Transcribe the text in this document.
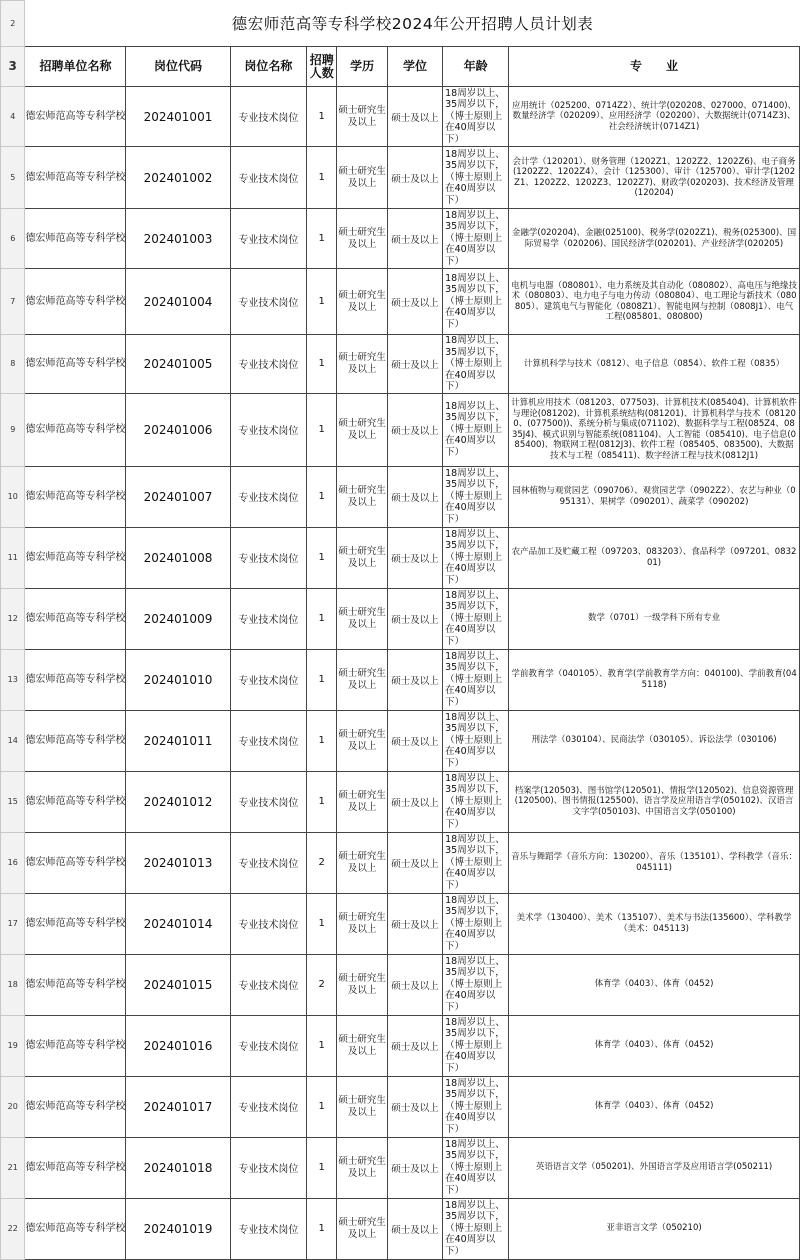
2	德宏师范高等专科学校2024年公开招聘人员计划表							
3	招聘单位名称	岗位代码	岗位名称	招聘人数	学历	学位	年龄	专　　业
4	德宏师范高等专科学校	202401001	专业技术岗位	1	硕士研究生及以上	硕士及以上	18周岁以上、35周岁以下，（博士原则上在40周岁以下）	应用统计（025200、0714Z2）、统计学(020208、027000、071400)、数量经济学（020209）、应用经济学（020200）、大数据统计(0714Z3)、社会经济统计(0714Z1)
5	德宏师范高等专科学校	202401002	专业技术岗位	1	硕士研究生及以上	硕士及以上	18周岁以上、35周岁以下，（博士原则上在40周岁以下）	会计学（120201）、财务管理（1202Z1、1202Z2、1202Z6)、电子商务(1202Z2、1202Z4）、会计（125300）、审计（125700）、审计学(1202Z1、1202Z2、1202Z3、1202Z7)、财政学(020203)、技术经济及管理(120204)
6	德宏师范高等专科学校	202401003	专业技术岗位	1	硕士研究生及以上	硕士及以上	18周岁以上、35周岁以下，（博士原则上在40周岁以下）	金融学(020204)、金融(025100)、税务学(0202Z1)、税务(025300)、国际贸易学（020206)、国民经济学(020201)、产业经济学(020205)
7	德宏师范高等专科学校	202401004	专业技术岗位	1	硕士研究生及以上	硕士及以上	18周岁以上、35周岁以下，（博士原则上在40周岁以下）	电机与电器（080801）、电力系统及其自动化（080802）、高电压与绝缘技术（080803）、电力电子与电力传动（080804）、电工理论与新技术（080805）、建筑电气与智能化（0808Z1）、智能电网与控制（0808J1）、电气工程(085801、080800)
8	德宏师范高等专科学校	202401005	专业技术岗位	1	硕士研究生及以上	硕士及以上	18周岁以上、35周岁以下，（博士原则上在40周岁以下）	计算机科学与技术（0812）、电子信息（0854）、软件工程（0835）
9	德宏师范高等专科学校	202401006	专业技术岗位	1	硕士研究生及以上	硕士及以上	18周岁以上、35周岁以下，（博士原则上在40周岁以下）	计算机应用技术（081203、077503)、计算机技术(085404)、计算机软件与理论(081202)、计算机系统结构(081201)、计算机科学与技术（081200、(077500))、系统分析与集成(071102)、数据科学与工程(085Z4、0835J4)、模式识别与智能系统(081104)、人工智能（085410)、电子信息(085400)、物联网工程(0812J3)、软件工程（085405、083500)、大数据技术与工程（085411)、数字经济工程与技术(0812J1)
10	德宏师范高等专科学校	202401007	专业技术岗位	1	硕士研究生及以上	硕士及以上	18周岁以上、35周岁以下，（博士原则上在40周岁以下）	园林植物与观赏园艺（090706）、观赏园艺学（0902Z2）、农艺与种业（095131）、果树学（090201）、蔬菜学（090202)
11	德宏师范高等专科学校	202401008	专业技术岗位	1	硕士研究生及以上	硕士及以上	18周岁以上、35周岁以下，（博士原则上在40周岁以下）	农产品加工及贮藏工程（097203、083203）、食品科学（097201、083201)
12	德宏师范高等专科学校	202401009	专业技术岗位	1	硕士研究生及以上	硕士及以上	18周岁以上、35周岁以下，（博士原则上在40周岁以下）	数学（0701）一级学科下所有专业
13	德宏师范高等专科学校	202401010	专业技术岗位	1	硕士研究生及以上	硕士及以上	18周岁以上、35周岁以下，（博士原则上在40周岁以下）	学前教育学（040105）、教育学(学前教育学方向：040100)、学前教育(045118)
14	德宏师范高等专科学校	202401011	专业技术岗位	1	硕士研究生及以上	硕士及以上	18周岁以上、35周岁以下，（博士原则上在40周岁以下）	刑法学（030104）、民商法学（030105）、诉讼法学（030106)
15	德宏师范高等专科学校	202401012	专业技术岗位	1	硕士研究生及以上	硕士及以上	18周岁以上、35周岁以下，（博士原则上在40周岁以下）	档案学(120503)、图书馆学(120501)、情报学(120502)、信息资源管理(120500)、图书情报(125500)、语言学及应用语言学(050102)、汉语言文字学(050103)、中国语言文学(050100)
16	德宏师范高等专科学校	202401013	专业技术岗位	2	硕士研究生及以上	硕士及以上	18周岁以上、35周岁以下，（博士原则上在40周岁以下）	音乐与舞蹈学（音乐方向：130200）、音乐（135101）、学科教学（音乐：045111)
17	德宏师范高等专科学校	202401014	专业技术岗位	1	硕士研究生及以上	硕士及以上	18周岁以上、35周岁以下，（博士原则上在40周岁以下）	美术学（130400）、美术（135107）、美术与书法(135600）、学科教学（美术：045113)
18	德宏师范高等专科学校	202401015	专业技术岗位	2	硕士研究生及以上	硕士及以上	18周岁以上、35周岁以下，（博士原则上在40周岁以下）	体育学（0403）、体育（0452)
19	德宏师范高等专科学校	202401016	专业技术岗位	1	硕士研究生及以上	硕士及以上	18周岁以上、35周岁以下，（博士原则上在40周岁以下）	体育学（0403）、体育（0452)
20	德宏师范高等专科学校	202401017	专业技术岗位	1	硕士研究生及以上	硕士及以上	18周岁以上、35周岁以下，（博士原则上在40周岁以下）	体育学（0403）、体育（0452)
21	德宏师范高等专科学校	202401018	专业技术岗位	1	硕士研究生及以上	硕士及以上	18周岁以上、35周岁以下，（博士原则上在40周岁以下）	英语语言文学（050201)、外国语言学及应用语言学(050211)
22	德宏师范高等专科学校	202401019	专业技术岗位	1	硕士研究生及以上	硕士及以上	18周岁以上、35周岁以下，（博士原则上在40周岁以下）	亚非语言文学（050210)
